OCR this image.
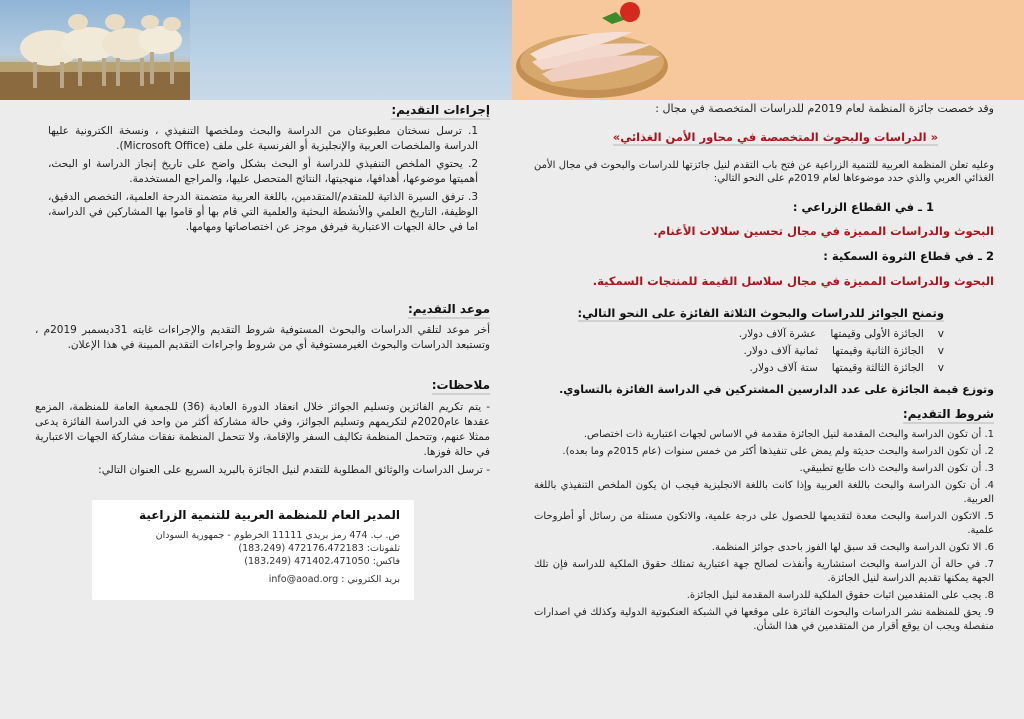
إجراءات التقديم:
1. ترسل نسختان مطبوعتان من الدراسة والبحث وملخصها التنفيذي ، ونسخة الكترونية عليها الدراسة والملخصات العربية والإنجليزية أو الفرنسية على ملف (Microsoft Office).
2. يحتوي الملخص التنفيذي للدراسة أو البحث بشكل واضح على تاريخ إنجاز الدراسة او البحث، أهميتها موضوعها، أهدافها، منهجيتها، النتائج المتحصل عليها، والمراجع المستخدمة.
3. ترفق السيرة الذاتية للمتقدم/المتقدمين، باللغة العربية متضمنة الدرجة العلمية، التخصص الدقيق، الوظيفة، التاريخ العلمي والأنشطة البحثية والعلمية التي قام بها أو قاموا بها المشاركين في الدراسة، اما في حالة الجهات الاعتبارية فيرفق موجز عن اختصاصاتها ومهامها.
موعد التقديم:
أخر موعد لتلقي الدراسات والبحوث المستوفية شروط التقديم والإجراءات غايته 31ديسمبر 2019م ، وتستبعد الدراسات والبحوث الغيرمستوفية أي من شروط واجراءات التقديم المبينة في هذا الإعلان.
ملاحظات:
- يتم تكريم الفائزين وتسليم الجوائز خلال انعقاد الدورة العادية (36) للجمعية العامة للمنظمة، المزمع عقدها عام2020م لتكريمهم وتسليم الجوائز، وفي حالة مشاركة أكثر من واحد في الدراسة الفائزة يدعى ممثلا عنهم، وتتحمل المنظمة تكاليف السفر والإقامة، ولا تتحمل المنظمة نفقات مشاركة الجهات الاعتبارية في حالة فوزها.
- ترسل الدراسات والوثائق المطلوبة للتقدم لنيل الجائزة بالبريد السريع على العنوان التالي:
المدير العام للمنظمة العربية للتنمية الزراعية
ص. ب. 474 رمز بريدي 11111 الخرطوم - جمهورية السودان
تلفونات: 472176،472183 (183،249)
فاكس: 471402،471050 (183،249)
بريد الكتروني : info@aoad.org
وقد خصصت جائزة المنظمة لعام 2019م للدراسات المتخصصة في مجال :
« الدراسات والبحوث المتخصصة في محاور الأمن الغذائي»
وعليه تعلن المنظمة العربية للتنمية الزراعية عن فتح باب التقدم لنيل جائزتها للدراسات والبحوث في مجال الأمن الغذائي العربي والذي حدد موضوعاها لعام 2019م على النحو التالي:
1 ـ في القطاع الزراعي :
البحوث والدراسات المميزة في مجال تحسين سلالات الأغنام.
2 ـ في قطاع الثروة السمكية :
البحوث والدراسات المميزة في مجال سلاسل القيمة للمنتجات السمكية.
وتمنح الجوائز للدراسات والبحوث الثلاثة الفائزة على النحو التالي:
v
الجائزة الأولى وقيمتها
عشرة آلاف دولار.
v
الجائزة الثانية وقيمتها
ثمانية آلاف دولار.
v
الجائزة الثالثة وقيمتها
ستة آلاف دولار.
وتوزع قيمة الجائزة على عدد الدارسين المشتركين في الدراسة الفائزة بالتساوي.
شروط التقديم:
1. أن تكون الدراسة والبحث المقدمة لنيل الجائزة مقدمة في الاساس لجهات اعتبارية ذات اختصاص.
2. أن تكون الدراسة والبحث حديثة ولم يمض على تنفيذها أكثر من خمس سنوات (عام 2015م وما بعده).
3. أن تكون الدراسة والبحث ذات طابع تطبيقي.
4. أن تكون الدراسة والبحث باللغة العربية وإذا كانت باللغة الانجليزية فيجب ان يكون الملخص التنفيذي باللغة العربية.
5. الاتكون الدراسة والبحث معدة لتقديمها للحصول على درجة علمية، والاتكون مستلة من رسائل أو أطروحات علمية.
6. الا تكون الدراسة والبحث قد سبق لها الفوز باحدى جوائز المنظمة.
7. في حالة أن الدراسة والبحث استشارية وأنفذت لصالح جهة اعتبارية تمتلك حقوق الملكية للدراسة فإن تلك الجهة يمكنها تقديم الدراسة لنيل الجائزة.
8. يجب على المتقدمين اثبات حقوق الملكية للدراسة المقدمة لنيل الجائزة.
9. يحق للمنظمة نشر الدراسات والبحوث الفائزة على موقعها في الشبكة العنكبوتية الدولية وكذلك في اصدارات منفصلة ويجب ان يوقع أقرار من المتقدمين في هذا الشأن.
